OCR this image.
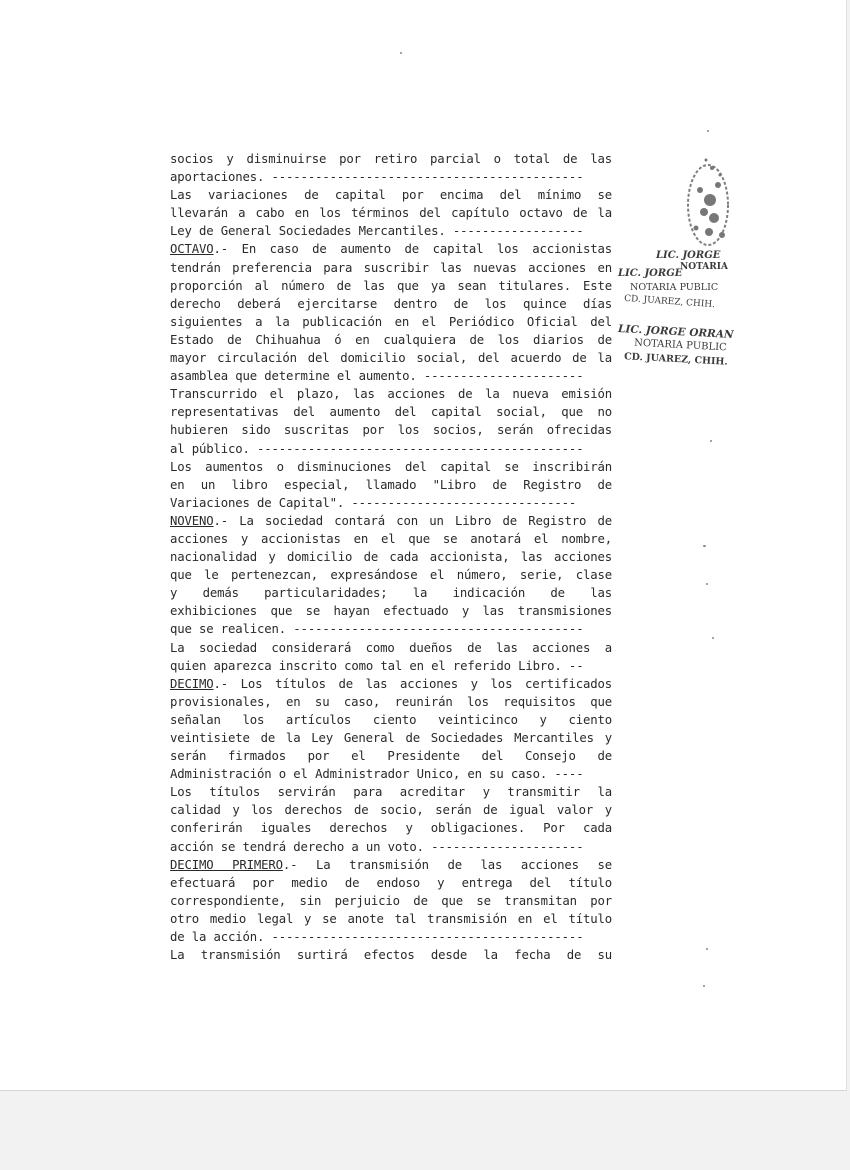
socios y disminuirse por retiro parcial o total de las
aportaciones. -------------------------------------------
Las variaciones de capital por encima del mínimo se
llevarán a cabo en los términos del capítulo octavo de la
Ley de General Sociedades Mercantiles. ------------------
OCTAVO.- En caso de aumento de capital los accionistas
tendrán preferencia para suscribir las nuevas acciones en
proporción al número de las que ya sean titulares. Este
derecho deberá ejercitarse dentro de los quince días
siguientes a la publicación en el Periódico Oficial del
Estado de Chihuahua ó en cualquiera de los diarios de
mayor circulación del domicilio social, del acuerdo de la
asamblea que determine el aumento. ----------------------
Transcurrido el plazo, las acciones de la nueva emisión
representativas del aumento del capital social, que no
hubieren sido suscritas por los socios, serán ofrecidas
al público. ---------------------------------------------
Los aumentos o disminuciones del capital se inscribirán
en un libro especial, llamado "Libro de Registro de
Variaciones de Capital". -------------------------------
NOVENO.- La sociedad contará con un Libro de Registro de
acciones y accionistas en el que se anotará el nombre,
nacionalidad y domicilio de cada accionista, las acciones
que le pertenezcan, expresándose el número, serie, clase
y demás particularidades; la indicación de las
exhibiciones que se hayan efectuado y las transmisiones
que se realicen. ----------------------------------------
La sociedad considerará como dueños de las acciones a
quien aparezca inscrito como tal en el referido Libro. --
DECIMO.- Los títulos de las acciones y los certificados
provisionales, en su caso, reunirán los requisitos que
señalan los artículos ciento veinticinco y ciento
veintisiete de la Ley General de Sociedades Mercantiles y
serán firmados por el Presidente del Consejo de
Administración o el Administrador Unico, en su caso. ----
Los títulos servirán para acreditar y transmitir la
calidad y los derechos de socio, serán de igual valor y
conferirán iguales derechos y obligaciones. Por cada
acción se tendrá derecho a un voto. ---------------------
DECIMO PRIMERO.- La transmisión de las acciones se
efectuará por medio de endoso y entrega del título
correspondiente, sin perjuicio de que se transmitan por
otro medio legal y se anote tal transmisión en el título
de la acción. -------------------------------------------
La transmisión surtirá efectos desde la fecha de su
LIC. JORGE
NOTARIA
LIC. JORGE
NOTARIA PUBLIC
CD. JUAREZ, CHIH.
LIC. JORGE ORRAN
NOTARIA PUBLIC
CD. JUAREZ, CHIH.
